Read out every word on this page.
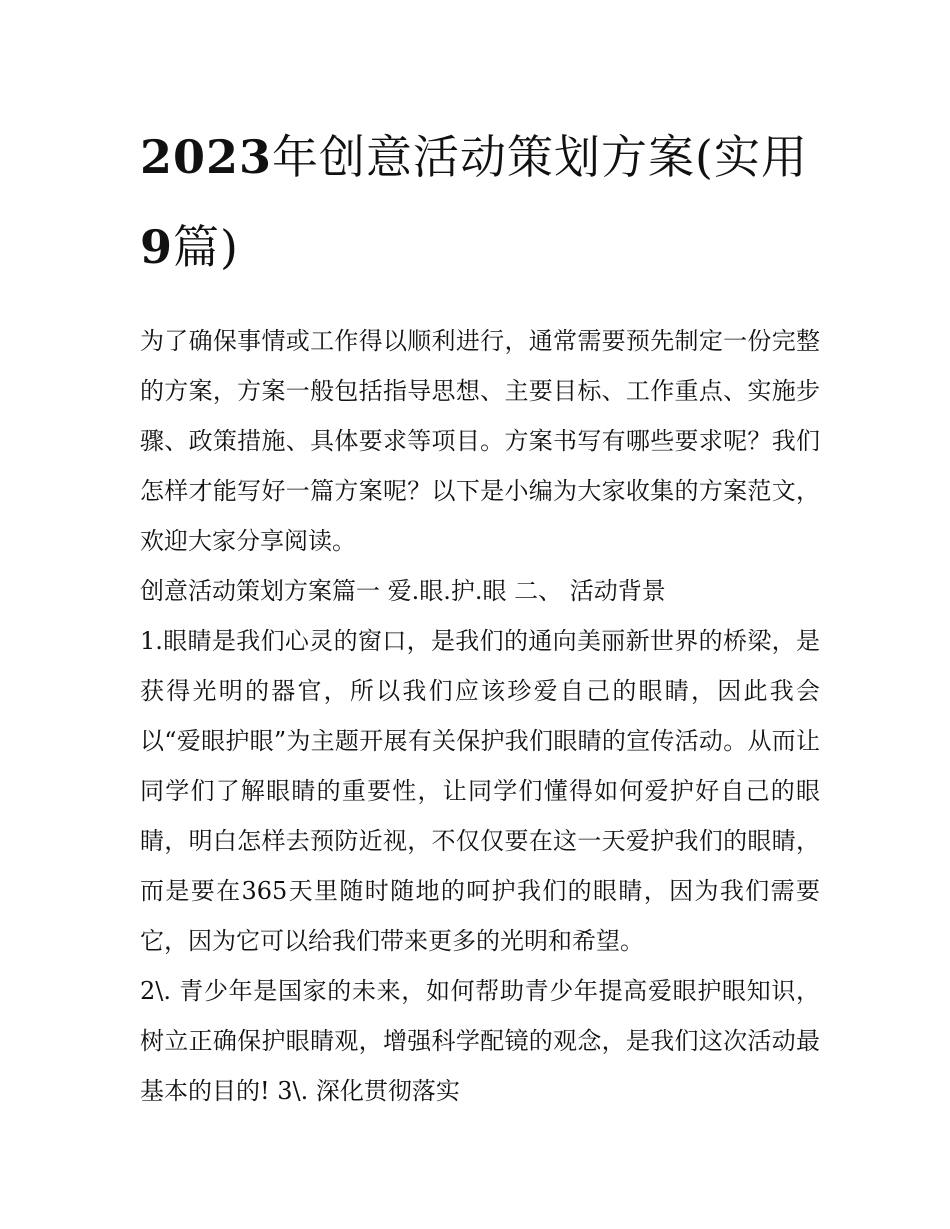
2023年创意活动策划方案(实用9篇)

为了确保事情或工作得以顺利进行，通常需要预先制定一份完整的方案，方案一般包括指导思想、主要目标、工作重点、实施步骤、政策措施、具体要求等项目。方案书写有哪些要求呢？我们怎样才能写好一篇方案呢？以下是小编为大家收集的方案范文，欢迎大家分享阅读。

创意活动策划方案篇一 爱.眼.护.眼 二、 活动背景

1.眼睛是我们心灵的窗口，是我们的通向美丽新世界的桥梁，是获得光明的器官，所以我们应该珍爱自己的眼睛，因此我会以“爱眼护眼”为主题开展有关保护我们眼睛的宣传活动。从而让同学们了解眼睛的重要性，让同学们懂得如何爱护好自己的眼睛，明白怎样去预防近视，不仅仅要在这一天爱护我们的眼睛，而是要在365天里随时随地的呵护我们的眼睛，因为我们需要它，因为它可以给我们带来更多的光明和希望。

2\. 青少年是国家的未来，如何帮助青少年提高爱眼护眼知识，树立正确保护眼睛观，增强科学配镜的观念，是我们这次活动最基本的目的! 3\. 深化贯彻落实
